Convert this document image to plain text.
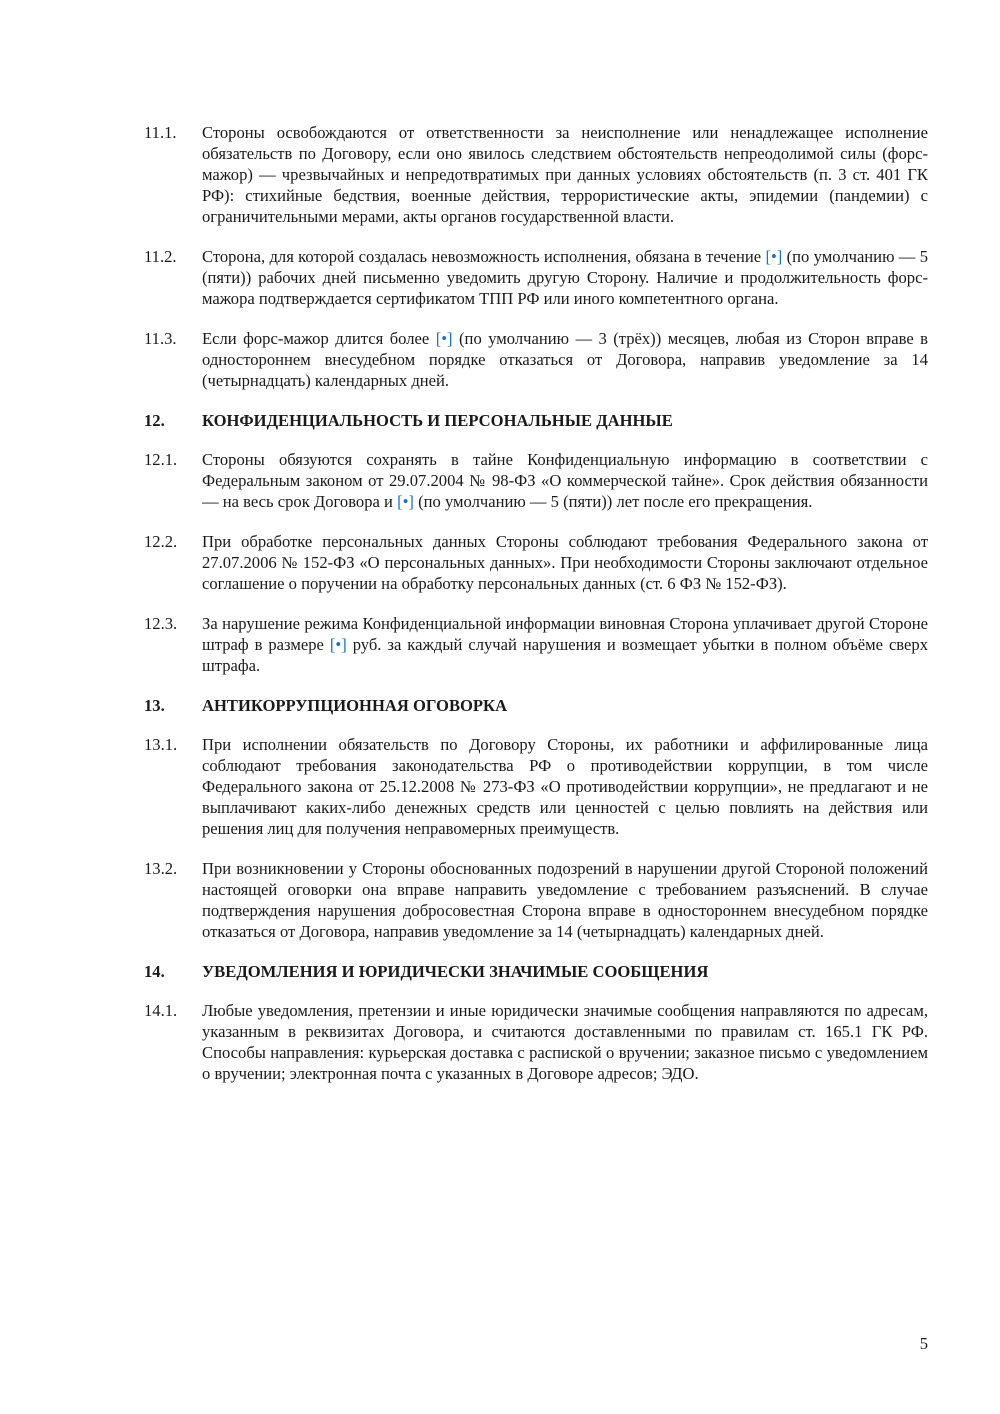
11.1.	Стороны освобождаются от ответственности за неисполнение или ненадлежащее исполнение обязательств по Договору, если оно явилось следствием обстоятельств непреодолимой силы (форс-мажор) — чрезвычайных и непредотвратимых при данных условиях обстоятельств (п. 3 ст. 401 ГК РФ): стихийные бедствия, военные действия, террористические акты, эпидемии (пандемии) с ограничительными мерами, акты органов государственной власти.
11.2.	Сторона, для которой создалась невозможность исполнения, обязана в течение [•] (по умолчанию — 5 (пяти)) рабочих дней письменно уведомить другую Сторону. Наличие и продолжительность форс-мажора подтверждается сертификатом ТПП РФ или иного компетентного органа.
11.3.	Если форс-мажор длится более [•] (по умолчанию — 3 (трёх)) месяцев, любая из Сторон вправе в одностороннем внесудебном порядке отказаться от Договора, направив уведомление за 14 (четырнадцать) календарных дней.
12.	КОНФИДЕНЦИАЛЬНОСТЬ И ПЕРСОНАЛЬНЫЕ ДАННЫЕ
12.1.	Стороны обязуются сохранять в тайне Конфиденциальную информацию в соответствии с Федеральным законом от 29.07.2004 № 98-ФЗ «О коммерческой тайне». Срок действия обязанности — на весь срок Договора и [•] (по умолчанию — 5 (пяти)) лет после его прекращения.
12.2.	При обработке персональных данных Стороны соблюдают требования Федерального закона от 27.07.2006 № 152-ФЗ «О персональных данных». При необходимости Стороны заключают отдельное соглашение о поручении на обработку персональных данных (ст. 6 ФЗ № 152-ФЗ).
12.3.	За нарушение режима Конфиденциальной информации виновная Сторона уплачивает другой Стороне штраф в размере [•] руб. за каждый случай нарушения и возмещает убытки в полном объёме сверх штрафа.
13.	АНТИКОРРУПЦИОННАЯ ОГОВОРКА
13.1.	При исполнении обязательств по Договору Стороны, их работники и аффилированные лица соблюдают требования законодательства РФ о противодействии коррупции, в том числе Федерального закона от 25.12.2008 № 273-ФЗ «О противодействии коррупции», не предлагают и не выплачивают каких-либо денежных средств или ценностей с целью повлиять на действия или решения лиц для получения неправомерных преимуществ.
13.2.	При возникновении у Стороны обоснованных подозрений в нарушении другой Стороной положений настоящей оговорки она вправе направить уведомление с требованием разъяснений. В случае подтверждения нарушения добросовестная Сторона вправе в одностороннем внесудебном порядке отказаться от Договора, направив уведомление за 14 (четырнадцать) календарных дней.
14.	УВЕДОМЛЕНИЯ И ЮРИДИЧЕСКИ ЗНАЧИМЫЕ СООБЩЕНИЯ
14.1.	Любые уведомления, претензии и иные юридически значимые сообщения направляются по адресам, указанным в реквизитах Договора, и считаются доставленными по правилам ст. 165.1 ГК РФ. Способы направления: курьерская доставка с распиской о вручении; заказное письмо с уведомлением о вручении; электронная почта с указанных в Договоре адресов; ЭДО.
5
